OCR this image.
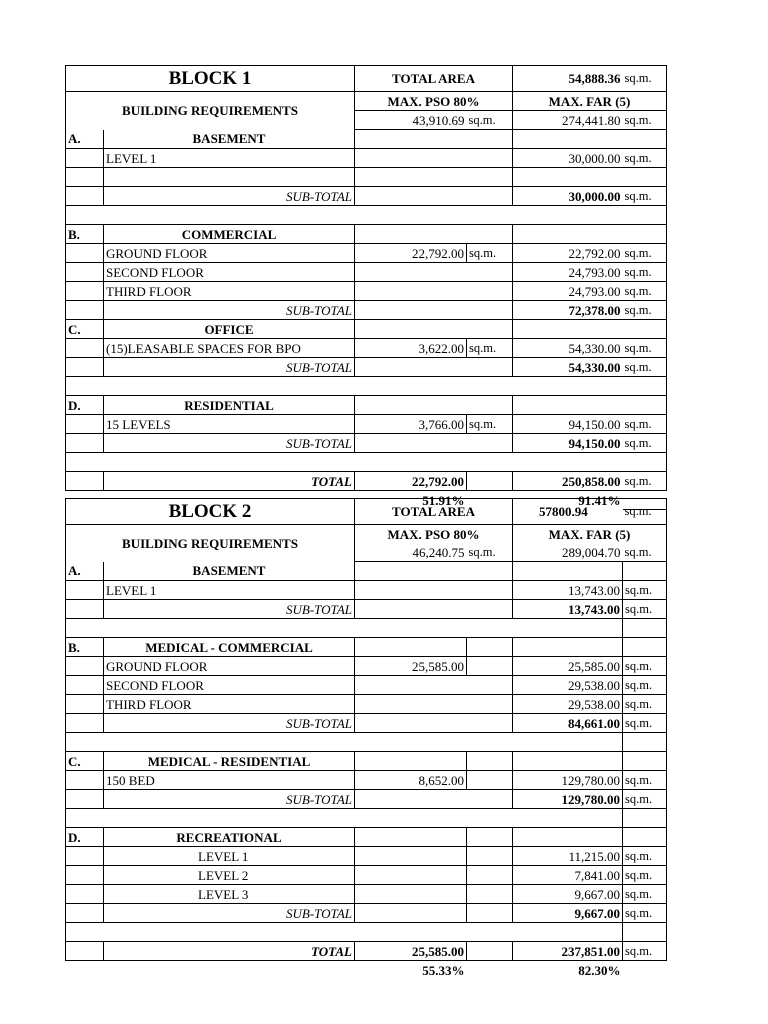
BLOCK 1		TOTAL AREA		54,888.36	sq.m.
BUILDING REQUIREMENTS		MAX. PSO 80%		MAX. FAR (5)	
		43,910.69	sq.m.	274,441.80	sq.m.
A.	BASEMENT				
	LEVEL 1			30,000.00	sq.m.

	SUB-TOTAL			30,000.00	sq.m.

B.	COMMERCIAL				
	GROUND FLOOR	22,792.00	sq.m.	22,792.00	sq.m.
	SECOND FLOOR			24,793.00	sq.m.
	THIRD FLOOR			24,793.00	sq.m.
	SUB-TOTAL			72,378.00	sq.m.
C.	OFFICE				
	(15)LEASABLE SPACES FOR BPO	3,622.00	sq.m.	54,330.00	sq.m.
	SUB-TOTAL			54,330.00	sq.m.

D.	RESIDENTIAL				
	15 LEVELS	3,766.00	sq.m.	94,150.00	sq.m.
	SUB-TOTAL			94,150.00	sq.m.

	TOTAL	22,792.00		250,858.00	sq.m.
		51.91%		91.41%	
BLOCK 2		TOTAL AREA		57800.94	sq.m.
BUILDING REQUIREMENTS		MAX. PSO 80%		MAX. FAR (5)	
		46,240.75	sq.m.	289,004.70	sq.m.
A.	BASEMENT				
	LEVEL 1			13,743.00	sq.m.
	SUB-TOTAL			13,743.00	sq.m.

B.	MEDICAL - COMMERCIAL				
	GROUND FLOOR	25,585.00		25,585.00	sq.m.
	SECOND FLOOR			29,538.00	sq.m.
	THIRD FLOOR			29,538.00	sq.m.
	SUB-TOTAL			84,661.00	sq.m.

C.	MEDICAL - RESIDENTIAL				
	150 BED	8,652.00		129,780.00	sq.m.
	SUB-TOTAL			129,780.00	sq.m.

D.	RECREATIONAL				
	LEVEL 1			11,215.00	sq.m.
	LEVEL 2			7,841.00	sq.m.
	LEVEL 3			9,667.00	sq.m.
	SUB-TOTAL			9,667.00	sq.m.

	TOTAL	25,585.00		237,851.00	sq.m.
		55.33%		82.30%	
